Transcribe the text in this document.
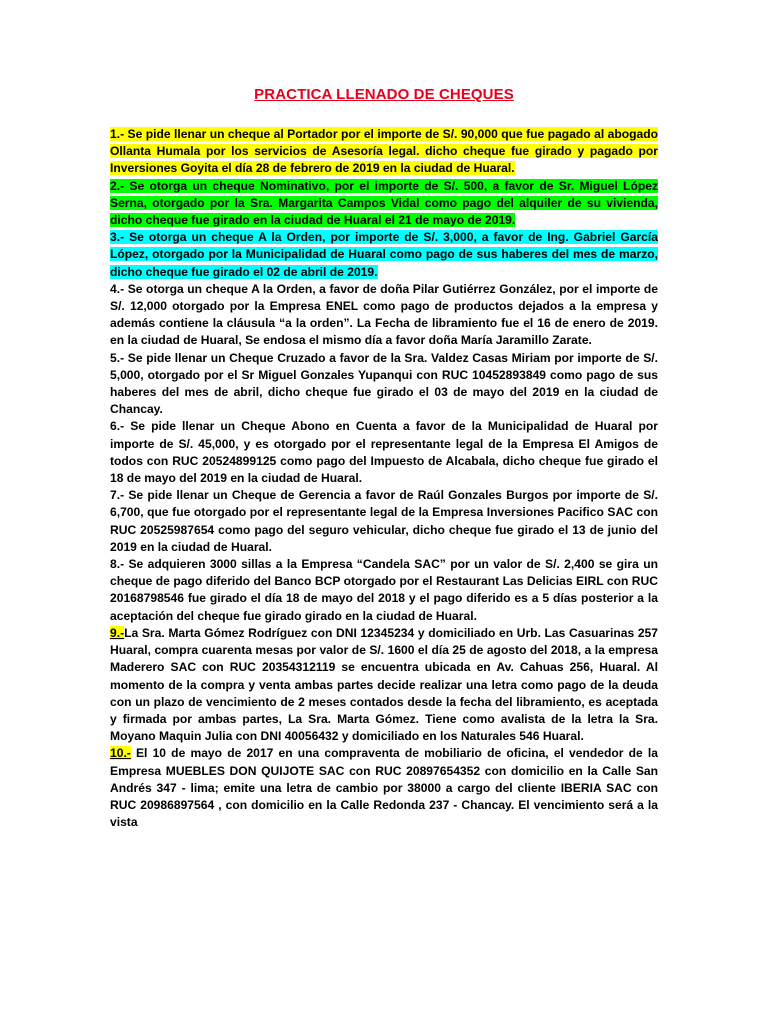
PRACTICA LLENADO DE CHEQUES

1.- Se pide llenar un cheque al Portador por el importe de S/. 90,000 que fue pagado al abogado Ollanta Humala por los servicios de Asesoría legal. dicho cheque fue girado y pagado por Inversiones Goyita el día 28 de febrero de 2019 en la ciudad de Huaral.

2.- Se otorga un cheque Nominativo, por el importe de S/. 500, a favor de Sr. Miguel López Serna, otorgado por la Sra. Margarita Campos Vidal como pago del alquiler de su vivienda, dicho cheque fue girado en la ciudad de Huaral el 21 de mayo de 2019.

3.- Se otorga un cheque A la Orden, por importe de S/. 3,000, a favor de Ing. Gabriel García López, otorgado por la Municipalidad de Huaral como pago de sus haberes del mes de marzo, dicho cheque fue girado el 02 de abril de 2019.

4.- Se otorga un cheque A la Orden, a favor de doña Pilar Gutiérrez González, por el importe de S/. 12,000 otorgado por la Empresa ENEL como pago de productos dejados a la empresa y además contiene la cláusula “a la orden”. La Fecha de libramiento fue el 16 de enero de 2019. en la ciudad de Huaral, Se endosa el mismo día a favor doña María Jaramillo Zarate.

5.- Se pide llenar un Cheque Cruzado a favor de la Sra. Valdez Casas Miriam por importe de S/. 5,000, otorgado por el Sr Miguel Gonzales Yupanqui con RUC 10452893849 como pago de sus haberes del mes de abril, dicho cheque fue girado el 03 de mayo del 2019 en la ciudad de Chancay.

6.- Se pide llenar un Cheque Abono en Cuenta a favor de la Municipalidad de Huaral por importe de S/. 45,000, y es otorgado por el representante legal de la Empresa El Amigos de todos con RUC 20524899125 como pago del Impuesto de Alcabala, dicho cheque fue girado el 18 de mayo del 2019 en la ciudad de Huaral.

7.- Se pide llenar un Cheque de Gerencia a favor de Raúl Gonzales Burgos por importe de S/. 6,700, que fue otorgado por el representante legal de la Empresa Inversiones Pacifico SAC con RUC 20525987654 como pago del seguro vehicular, dicho cheque fue girado el 13 de junio del 2019 en la ciudad de Huaral.

8.- Se adquieren 3000 sillas a la Empresa “Candela SAC” por un valor de S/. 2,400 se gira un cheque de pago diferido del Banco BCP otorgado por el Restaurant Las Delicias EIRL con RUC 20168798546 fue girado el día 18 de mayo del 2018 y el pago diferido es a 5 días posterior a la aceptación del cheque fue girado girado en la ciudad de Huaral.

9.-La Sra. Marta Gómez Rodríguez con DNI 12345234 y domiciliado en Urb. Las Casuarinas 257 Huaral, compra cuarenta mesas por valor de S/. 1600 el día 25 de agosto del 2018, a la empresa Maderero SAC con RUC 20354312119 se encuentra ubicada en Av. Cahuas 256, Huaral. Al momento de la compra y venta ambas partes decide realizar una letra como pago de la deuda con un plazo de vencimiento de 2 meses contados desde la fecha del libramiento, es aceptada y firmada por ambas partes, La Sra. Marta Gómez. Tiene como avalista de la letra la Sra. Moyano Maquin Julia con DNI 40056432 y domiciliado en los Naturales 546 Huaral.

10.- El 10 de mayo de 2017 en una compraventa de mobiliario de oficina, el vendedor de la Empresa MUEBLES DON QUIJOTE SAC con RUC 20897654352 con domicilio en la Calle San Andrés 347 - lima; emite una letra de cambio por 38000 a cargo del cliente IBERIA SAC con RUC 20986897564 , con domicilio en la Calle Redonda 237 - Chancay. El vencimiento será a la vista
